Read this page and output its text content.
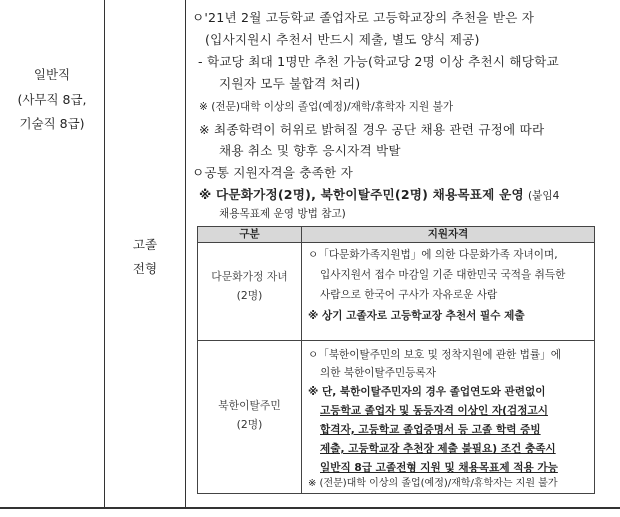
일반직
(사무직 8급,
기술직 8급)
고졸
전형
ㅇ'21년 2월 고등학교 졸업자로 고등학교장의 추천을 받은 자
(입사지원시 추천서 반드시 제출, 별도 양식 제공)
- 학교당 최대 1명만 추천 가능(학교당 2명 이상 추천시 해당학교
지원자 모두 불합격 처리)
※ (전문)대학 이상의 졸업(예정)/재학/휴학자 지원 불가
※ 최종학력이 허위로 밝혀질 경우 공단 채용 관련 규정에 따라
채용 취소 및 향후 응시자격 박탈
ㅇ공통 지원자격을 충족한 자
※ 다문화가정(2명), 북한이탈주민(2명) 채용목표제 운영 (붙임4
채용목표제 운영 방법 참고)
구분	지원자격
다문화가정 자녀
(2명)
ㅇ「다문화가족지원법」에 의한 다문화가족 자녀이며,
입사지원서 접수 마감일 기준 대한민국 국적을 취득한
사람으로 한국어 구사가 자유로운 사람
※ 상기 고졸자로 고등학교장 추천서 필수 제출
북한이탈주민
(2명)
ㅇ「북한이탈주민의 보호 및 정착지원에 관한 법률」에
의한 북한이탈주민등록자
※ 단, 북한이탈주민자의 경우 졸업연도와 관련없이
고등학교 졸업자 및 동등자격 이상인 자(검정고시
합격자, 고등학교 졸업증명서 등 고졸 학력 증빙
제출, 고등학교장 추천장 제출 불필요) 조건 충족시
일반직 8급 고졸전형 지원 및 채용목표제 적용 가능
※ (전문)대학 이상의 졸업(예정)/재학/휴학자는 지원 불가
